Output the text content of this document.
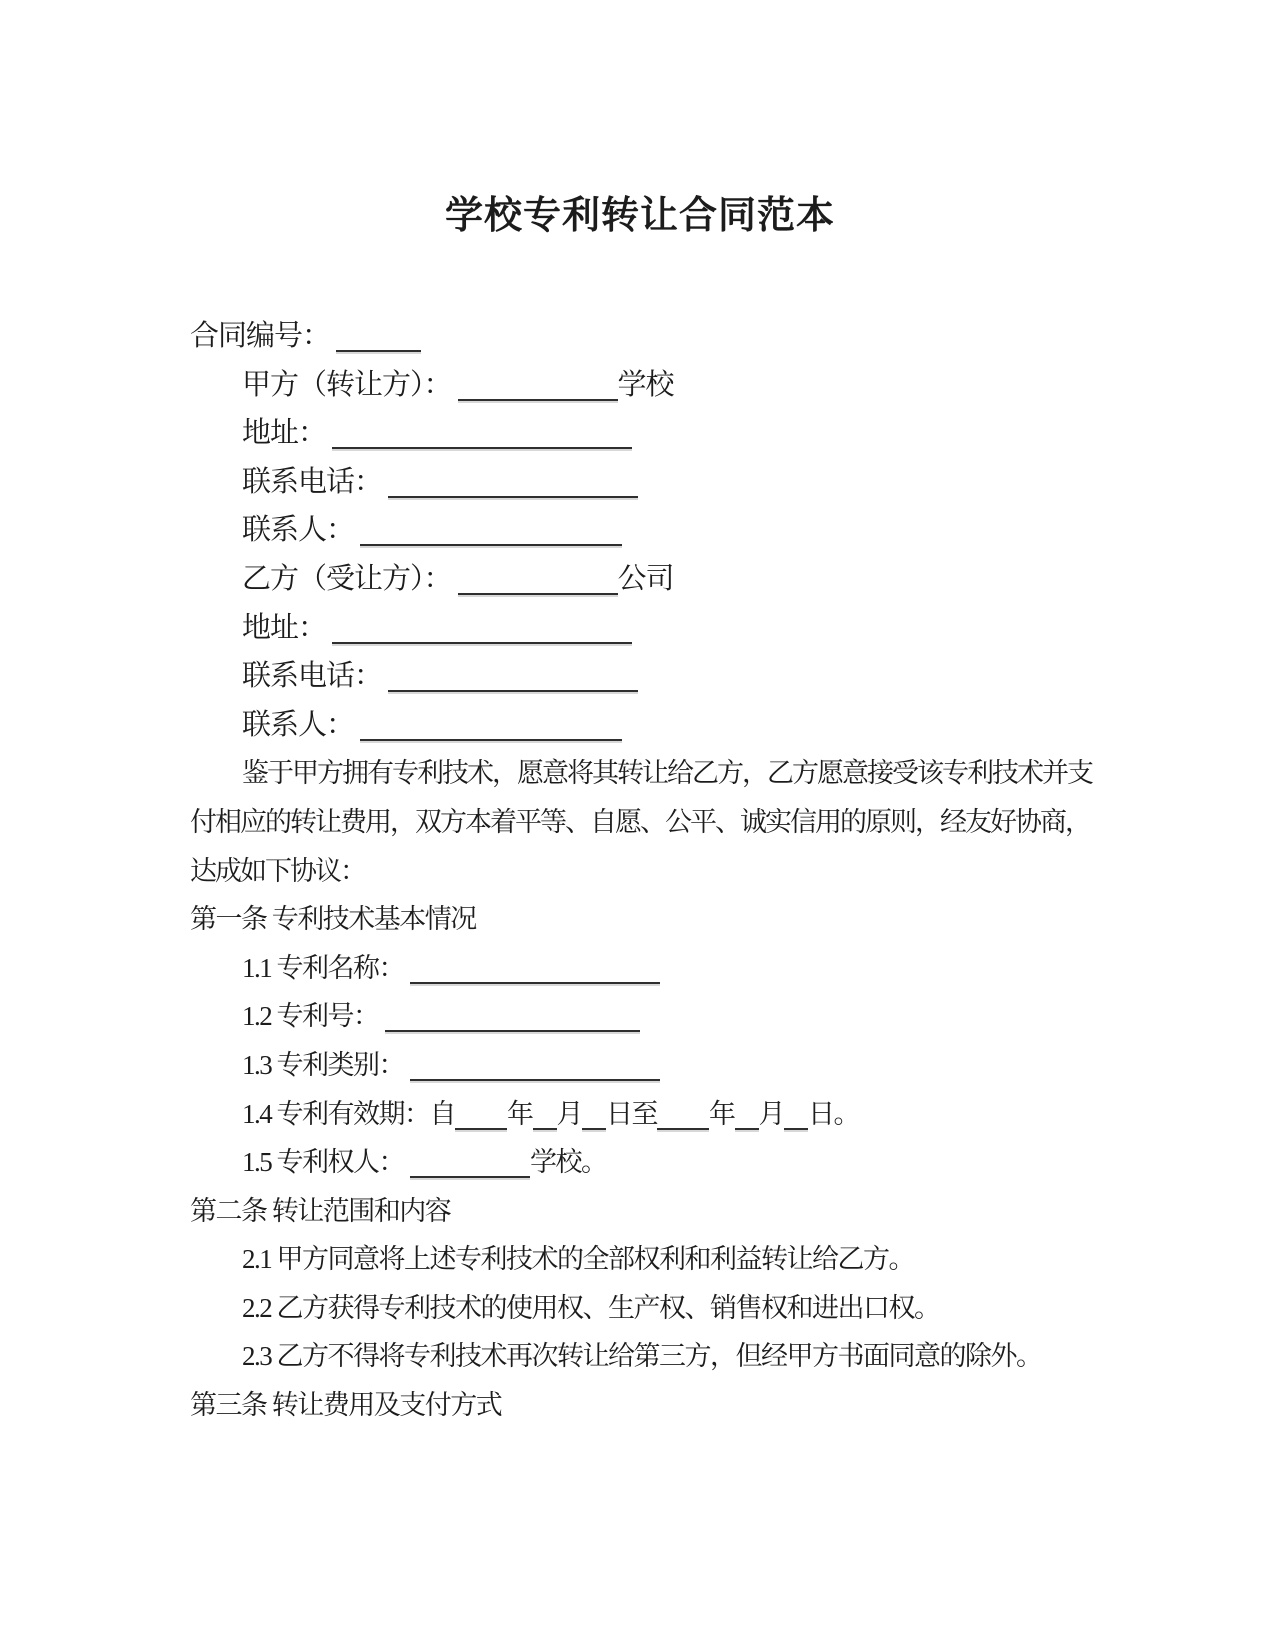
学校专利转让合同范本
合同编号：
甲方（转让方）：	学校
地址：
联系电话：
联系人：
乙方（受让方）：	公司
地址：
联系电话：
联系人：
鉴于甲方拥有专利技术，愿意将其转让给乙方，乙方愿意接受该专利技术并支
付相应的转让费用，双方本着平等、自愿、公平、诚实信用的原则，经友好协商，
达成如下协议：
第一条 专利技术基本情况
1.1 专利名称：
1.2 专利号：
1.3 专利类别：
1.4 专利有效期：自 年 月 日至 年 月 日。
1.5 专利权人：	学校。
第二条 转让范围和内容
2.1 甲方同意将上述专利技术的全部权利和利益转让给乙方。
2.2 乙方获得专利技术的使用权、生产权、销售权和进出口权。
2.3 乙方不得将专利技术再次转让给第三方，但经甲方书面同意的除外。
第三条 转让费用及支付方式
